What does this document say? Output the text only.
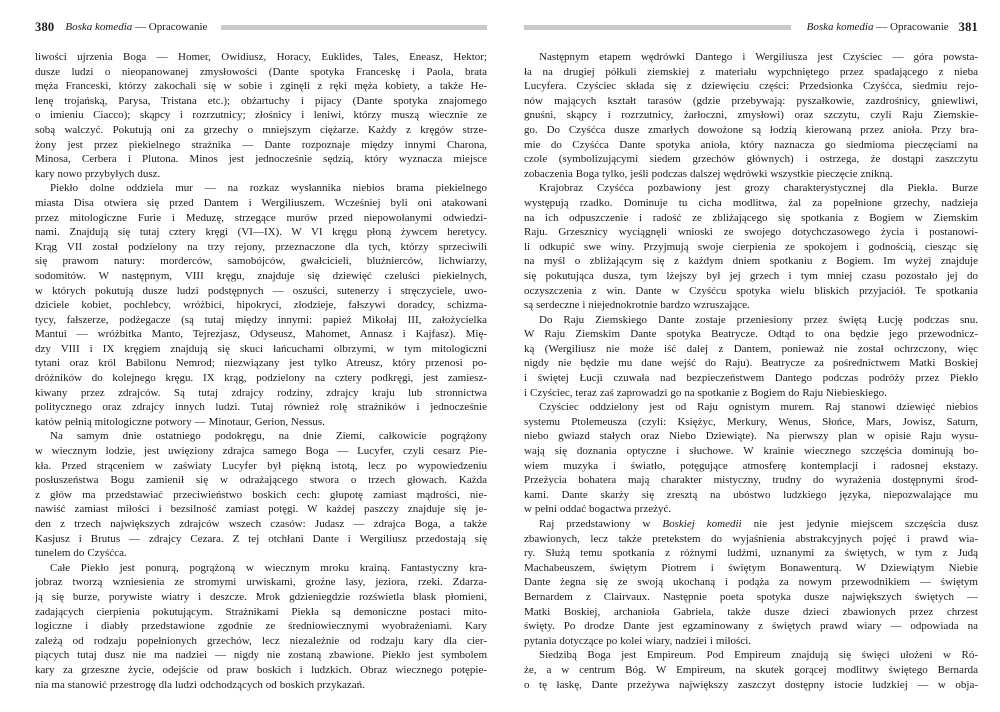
380 Boska komedia — Opracowanie
liwości ujrzenia Boga — Homer, Owidiusz, Horacy, Euklides, Tales, Eneasz, Hektor;
dusze ludzi o nieopanowanej zmysłowości (Dante spotyka Franceskę i Paola, brata
męża Franceski, którzy zakochali się w sobie i zginęli z ręki męża kobiety, a także He-
lenę trojańską, Parysa, Tristana etc.); obżartuchy i pijacy (Dante spotyka znajomego
o imieniu Ciacco); skąpcy i rozrzutnicy; złośnicy i leniwi, którzy muszą wiecznie ze
sobą walczyć. Pokutują oni za grzechy o mniejszym ciężarze. Każdy z kręgów strze-
żony jest przez piekielnego strażnika — Dante rozpoznaje między innymi Charona,
Minosa, Cerbera i Plutona. Minos jest jednocześnie sędzią, który wyznacza miejsce
kary nowo przybyłych dusz.
Piekło dolne oddziela mur — na rozkaz wysłannika niebios brama piekielnego
miasta Disa otwiera się przed Dantem i Wergiliuszem. Wcześniej byli oni atakowani
przez mitologiczne Furie i Meduzę, strzegące murów przed niepowołanymi odwiedzi-
nami. Znajdują się tutaj cztery kręgi (VI—IX). W VI kręgu płoną żywcem heretycy.
Krąg VII został podzielony na trzy rejony, przeznaczone dla tych, którzy sprzeciwili
się prawom natury: morderców, samobójców, gwałcicieli, bluźnierców, lichwiarzy,
sodomitów. W następnym, VIII kręgu, znajduje się dziewięć czeluści piekielnych,
w których pokutują dusze ludzi podstępnych — oszuści, sutenerzy i stręczyciele, uwo-
dziciele kobiet, pochlebcy, wróżbici, hipokryci, złodzieje, fałszywi doradcy, schizma-
tycy, fałszerze, podżegacze (są tutaj między innymi: papież Mikołaj III, założycielka
Mantui — wróżbitka Manto, Tejrezjasz, Odyseusz, Mahomet, Annasz i Kajfasz). Mię-
dzy VIII i IX kręgiem znajdują się skuci łańcuchami olbrzymi, w tym mitologiczni
tytani oraz król Babilonu Nemrod; niezwiązany jest tylko Atreusz, który przenosi po-
dróżników do kolejnego kręgu. IX krąg, podzielony na cztery podkręgi, jest zamiesz-
kiwany przez zdrajców. Są tutaj zdrajcy rodziny, zdrajcy kraju lub stronnictwa
politycznego oraz zdrajcy innych ludzi. Tutaj również rolę strażników i jednocześnie
katów pełnią mitologiczne potwory — Minotaur, Gerion, Nessus.
Na samym dnie ostatniego podokręgu, na dnie Ziemi, całkowicie pogrążony
w wiecznym lodzie, jest uwięziony zdrajca samego Boga — Lucyfer, czyli cesarz Pie-
kła. Przed strąceniem w zaświaty Lucyfer był piękną istotą, lecz po wypowiedzeniu
posłuszeństwa Bogu zamienił się w odrażającego stwora o trzech głowach. Każda
z głów ma przedstawiać przeciwieństwo boskich cech: głupotę zamiast mądrości, nie-
nawiść zamiast miłości i bezsilność zamiast potęgi. W każdej paszczy znajduje się je-
den z trzech największych zdrajców wszech czasów: Judasz — zdrajca Boga, a także
Kasjusz i Brutus — zdrajcy Cezara. Z tej otchłani Dante i Wergiliusz przedostają się
tunelem do Czyśćca.
Całe Piekło jest ponurą, pogrążoną w wiecznym mroku krainą. Fantastyczny kra-
jobraz tworzą wzniesienia ze stromymi urwiskami, groźne lasy, jeziora, rzeki. Zdarza-
ją się burze, porywiste wiatry i deszcze. Mrok gdzieniegdzie rozświetla blask płomieni,
zadających cierpienia pokutującym. Strażnikami Piekła są demoniczne postaci mito-
logiczne i diabły przedstawione zgodnie ze średniowiecznymi wyobrażeniami. Kary
zależą od rodzaju popełnionych grzechów, lecz niezależnie od rodzaju kary dla cier-
piących tutaj dusz nie ma nadziei — nigdy nie zostaną zbawione. Piekło jest symbolem
kary za grzeszne życie, odejście od praw boskich i ludzkich. Obraz wiecznego potępie-
nia ma stanowić przestrogę dla ludzi odchodzących od boskich przykazań.
Boska komedia — Opracowanie 381
Następnym etapem wędrówki Dantego i Wergiliusza jest Czyściec — góra powsta-
ła na drugiej półkuli ziemskiej z materiału wypchniętego przez spadającego z nieba
Lucyfera. Czyściec składa się z dziewięciu części: Przedsionka Czyśćca, siedmiu rejo-
nów mających kształt tarasów (gdzie przebywają: pyszałkowie, zazdrośnicy, gniewliwi,
gnuśni, skąpcy i rozrzutnicy, żarłoczni, zmysłowi) oraz szczytu, czyli Raju Ziemskie-
go. Do Czyśćca dusze zmarłych dowożone są łodzią kierowaną przez anioła. Przy bra-
mie do Czyśćca Dante spotyka anioła, który naznacza go siedmioma pieczęciami na
czole (symbolizującymi siedem grzechów głównych) i ostrzega, że dostąpi zaszczytu
zobaczenia Boga tylko, jeśli podczas dalszej wędrówki wszystkie pieczęcie znikną.
Krajobraz Czyśćca pozbawiony jest grozy charakterystycznej dla Piekła. Burze
występują rzadko. Dominuje tu cicha modlitwa, żal za popełnione grzechy, nadzieja
na ich odpuszczenie i radość ze zbliżającego się spotkania z Bogiem w Ziemskim
Raju. Grzesznicy wyciągnęli wnioski ze swojego dotychczasowego życia i postanowi-
li odkupić swe winy. Przyjmują swoje cierpienia ze spokojem i godnością, ciesząc się
na myśl o zbliżającym się z każdym dniem spotkaniu z Bogiem. Im wyżej znajduje
się pokutująca dusza, tym lżejszy był jej grzech i tym mniej czasu pozostało jej do
oczyszczenia z win. Dante w Czyśćcu spotyka wielu bliskich przyjaciół. Te spotkania
są serdeczne i niejednokrotnie bardzo wzruszające.
Do Raju Ziemskiego Dante zostaje przeniesiony przez świętą Łucję podczas snu.
W Raju Ziemskim Dante spotyka Beatrycze. Odtąd to ona będzie jego przewodnicz-
ką (Wergiliusz nie może iść dalej z Dantem, ponieważ nie został ochrzczony, więc
nigdy nie będzie mu dane wejść do Raju). Beatrycze za pośrednictwem Matki Boskiej
i świętej Łucji czuwała nad bezpieczeństwem Dantego podczas podróży przez Piekło
i Czyściec, teraz zaś zaprowadzi go na spotkanie z Bogiem do Raju Niebieskiego.
Czyściec oddzielony jest od Raju ognistym murem. Raj stanowi dziewięć niebios
systemu Ptolemeusza (czyli: Księżyc, Merkury, Wenus, Słońce, Mars, Jowisz, Saturn,
niebo gwiazd stałych oraz Niebo Dziewiąte). Na pierwszy plan w opisie Raju wysu-
wają się doznania optyczne i słuchowe. W krainie wiecznego szczęścia dominują bo-
wiem muzyka i światło, potęgujące atmosferę kontemplacji i radosnej ekstazy.
Przeżycia bohatera mają charakter mistyczny, trudny do wyrażenia dostępnymi środ-
kami. Dante skarży się zresztą na ubóstwo ludzkiego języka, niepozwalające mu
w pełni oddać bogactwa przeżyć.
Raj przedstawiony w Boskiej komedii nie jest jedynie miejscem szczęścia dusz
zbawionych, lecz także pretekstem do wyjaśnienia abstrakcyjnych pojęć i prawd wia-
ry. Służą temu spotkania z różnymi ludźmi, uznanymi za świętych, w tym z Judą
Machabeuszem, świętym Piotrem i świętym Bonawenturą. W Dziewiątym Niebie
Dante żegna się ze swoją ukochaną i podąża za nowym przewodnikiem — świętym
Bernardem z Clairvaux. Następnie poeta spotyka dusze największych świętych —
Matki Boskiej, archanioła Gabriela, także dusze dzieci zbawionych przez chrzest
święty. Po drodze Dante jest egzaminowany z świętych prawd wiary — odpowiada na
pytania dotyczące po kolei wiary, nadziei i miłości.
Siedzibą Boga jest Empireum. Pod Empireum znajdują się święci ułożeni w Ró-
że, a w centrum Bóg. W Empireum, na skutek gorącej modlitwy świętego Bernarda
o tę łaskę, Dante przeżywa największy zaszczyt dostępny istocie ludzkiej — w obja-
